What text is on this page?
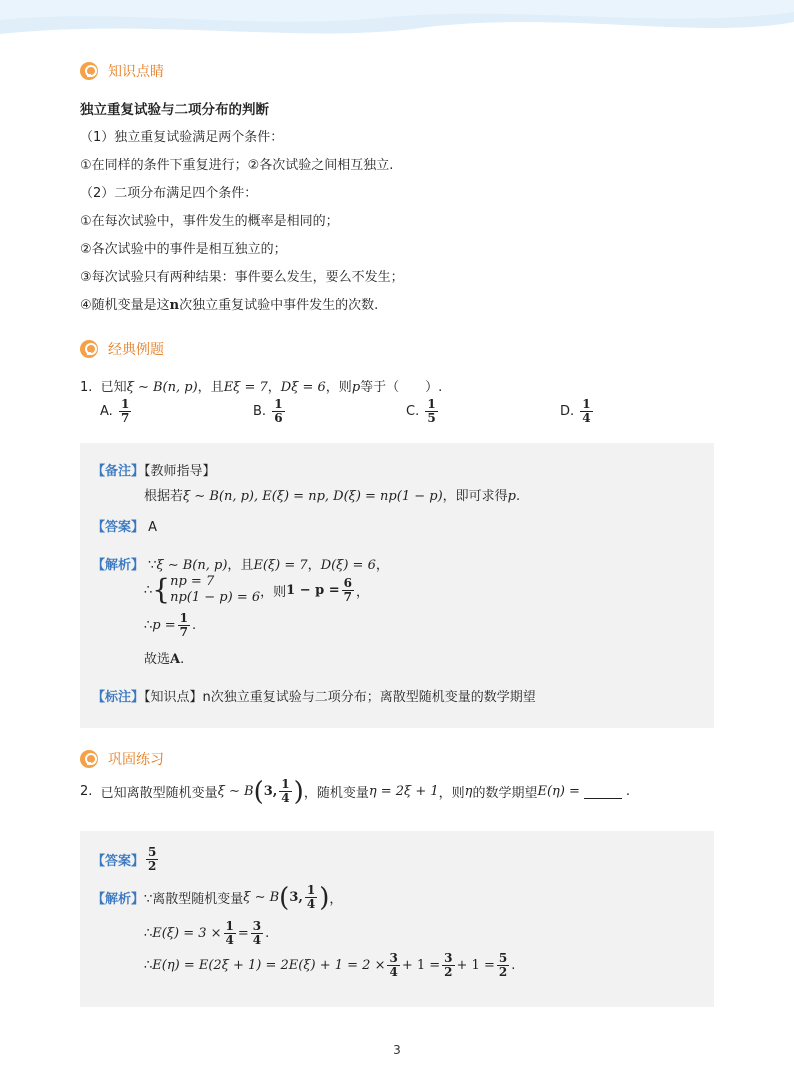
知识点睛
独立重复试验与二项分布的判断
（1）独立重复试验满足两个条件：
①在同样的条件下重复进行；②各次试验之间相互独立.
（2）二项分布满足四个条件：
①在每次试验中，事件发生的概率是相同的；
②各次试验中的事件是相互独立的；
③每次试验只有两种结果：事件要么发生，要么不发生；
④随机变量是这n次独立重复试验中事件发生的次数.
经典例题
1. 已知ξ ∼ B(n, p)，且Eξ = 7，Dξ = 6，则p等于（　　）.
A. $\frac{1}{7}$	B. $\frac{1}{6}$	C. $\frac{1}{5}$	D. $\frac{1}{4}$
【备注】【教师指导】
根据若ξ ∼ B(n, p), E(ξ) = np, D(ξ) = np(1 − p)，即可求得p.
【答案】 A
【解析】 ∵ξ ∼ B(n, p)，且E(ξ) = 7，D(ξ) = 6，
∴ { np = 7
np(1 − p) = 6 ，则 $1 - p = \frac{6}{7}$ ，
∴ $p = \frac{1}{7}$ .
故选A.
【标注】【知识点】n次独立重复试验与二项分布；离散型随机变量的数学期望
巩固练习
2.
已知离散型随机变量 ξ ∼ B ( 3, $\frac{1}{4}$ ) ，随机变量 η = 2ξ + 1 ，则 η 的数学期望 E(η) =	.
【答案】 $\frac{5}{2}$
【解析】 ∵离散型随机变量 ξ ∼ B ( 3, $\frac{1}{4}$ ) ，
∴ $E(\xi) = 3 \times \frac{1}{4} = \frac{3}{4}$ .
∴ $E(\eta) = E(2\xi + 1) = 2E(\xi) + 1 = 2 \times \frac{3}{4} + 1 = \frac{3}{2} + 1 = \frac{5}{2}$ .
3
